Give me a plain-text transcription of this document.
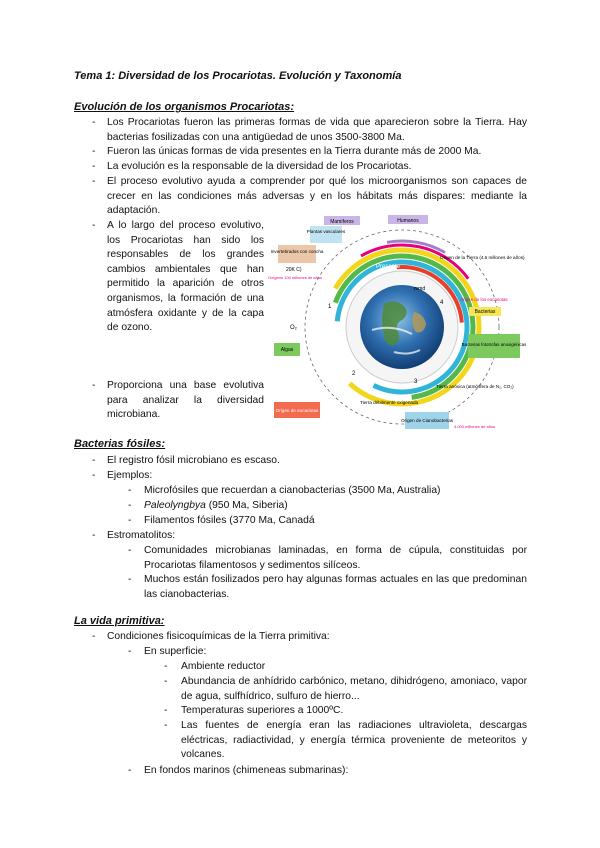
Tema 1: Diversidad de los Procariotas. Evolución y Taxonomía
Evolución de los organismos Procariotas:
- Los Procariotas fueron las primeras formas de vida que aparecieron sobre la Tierra. Hay bacterias fosilizadas con una antigüedad de unos 3500-3800 Ma.
- Fueron las únicas formas de vida presentes en la Tierra durante más de 2000 Ma.
- La evolución es la responsable de la diversidad de los Procariotas.
- El proceso evolutivo ayuda a comprender por qué los microorganismos son capaces de crecer en las condiciones más adversas y en los hábitats más dispares: mediante la adaptación.
- A lo largo del proceso evolutivo, los Procariotas han sido los responsables de los grandes cambios ambientales que han permitido la aparición de otros organismos, la formación de una atmósfera oxidante y de la capa de ozono.
- Proporciona una base evolutiva para analizar la diversidad microbiana.
Mamíferos	Humanos
Plantas vasculares
Invertebrados con concha
20K C)
Oxígeno 100 millones de años
Presente
Origen de la Tierra (4.6 millones de años)
Origen de los eucariotas
Bacterias
Bacterias fototrofas anoxigénicas
Algas
O₂
1
2
3
4
mmd
Tierra anóxica (atmósfera de N₂, CO₂)
Tierra débilmente oxigenada
Origen de eucariotas
Origen de Cianobacterias
4.000 millones de años
Bacterias fósiles:
- El registro fósil microbiano es escaso.
- Ejemplos:
- Microfósiles que recuerdan a cianobacterias (3500 Ma, Australia)
- Paleolyngbya (950 Ma, Siberia)
- Filamentos fósiles (3770 Ma, Canadá
- Estromatolitos:
- Comunidades microbianas laminadas, en forma de cúpula, constituidas por Procariotas filamentosos y sedimentos silíceos.
- Muchos están fosilizados pero hay algunas formas actuales en las que predominan las cianobacterias.
La vida primitiva:
- Condiciones fisicoquímicas de la Tierra primitiva:
- En superficie:
- Ambiente reductor
- Abundancia de anhídrido carbónico, metano, dihidrógeno, amoniaco, vapor de agua, sulfhídrico, sulfuro de hierro...
- Temperaturas superiores a 1000ºC.
- Las fuentes de energía eran las radiaciones ultravioleta, descargas eléctricas, radiactividad, y energía térmica proveniente de meteoritos y volcanes.
- En fondos marinos (chimeneas submarinas):
